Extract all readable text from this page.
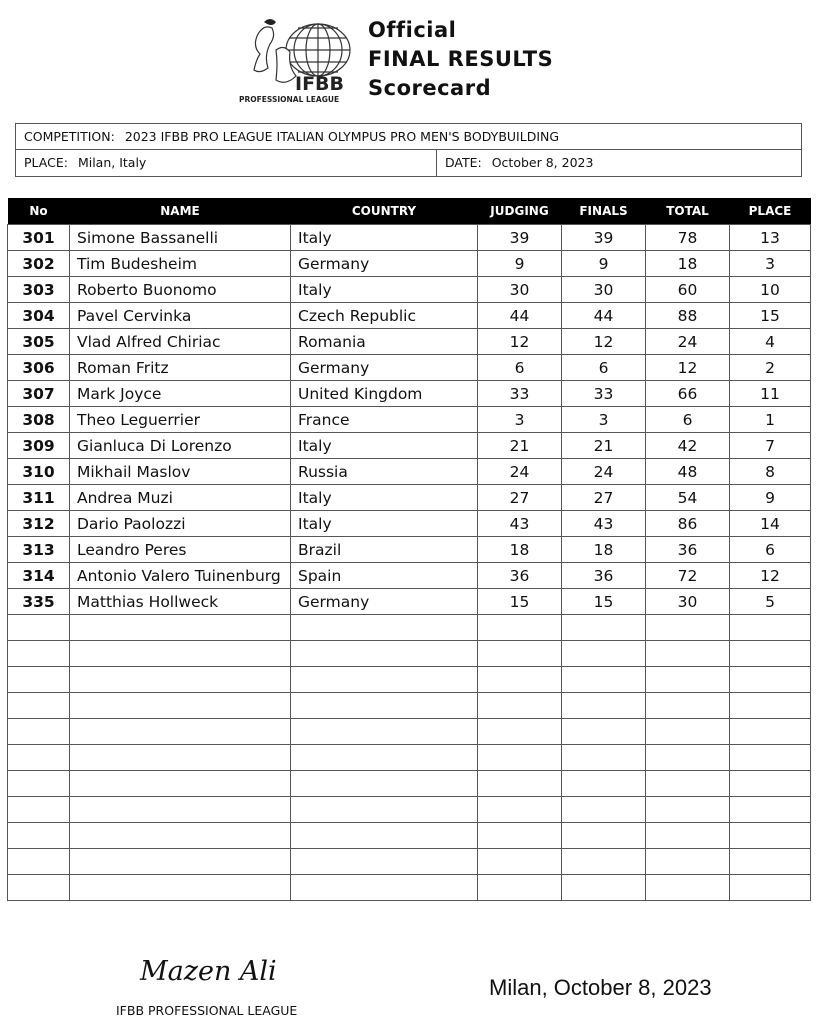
IFBB
PROFESSIONAL LEAGUE
Official
FINAL RESULTS
Scorecard
COMPETITION: 2023 IFBB PRO LEAGUE ITALIAN OLYMPUS PRO MEN'S BODYBUILDING
PLACE: Milan, Italy	DATE: October 8, 2023
No	NAME	COUNTRY	JUDGING	FINALS	TOTAL	PLACE
301	Simone Bassanelli	Italy	39	39	78	13
302	Tim Budesheim	Germany	9	9	18	3
303	Roberto Buonomo	Italy	30	30	60	10
304	Pavel Cervinka	Czech Republic	44	44	88	15
305	Vlad Alfred Chiriac	Romania	12	12	24	4
306	Roman Fritz	Germany	6	6	12	2
307	Mark Joyce	United Kingdom	33	33	66	11
308	Theo Leguerrier	France	3	3	6	1
309	Gianluca Di Lorenzo	Italy	21	21	42	7
310	Mikhail Maslov	Russia	24	24	48	8
311	Andrea Muzi	Italy	27	27	54	9
312	Dario Paolozzi	Italy	43	43	86	14
313	Leandro Peres	Brazil	18	18	36	6
314	Antonio Valero Tuinenburg	Spain	36	36	72	12
335	Matthias Hollweck	Germany	15	15	30	5

Mazen Ali
IFBB PROFESSIONAL LEAGUE
Milan, October 8, 2023
